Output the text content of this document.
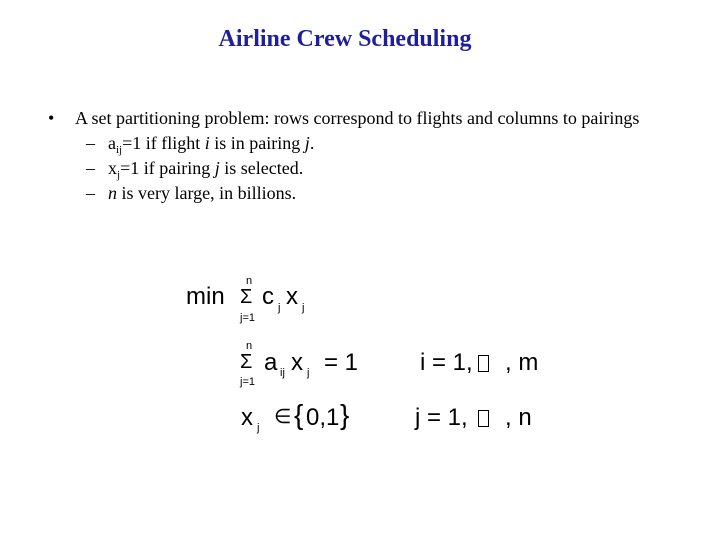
Airline Crew Scheduling
• A set partitioning problem: rows correspond to flights and columns to pairings
– $a_{ij}=1$ if flight i is in pairing j.
– $x_j=1$ if pairing j is selected.
– n is very large, in billions.
min
n
Σ
j=1
c j x j
n
Σ
j=1
a ij x j = 1	i = 1, , m
x j ∈ { 0,1 }	j = 1, , n
